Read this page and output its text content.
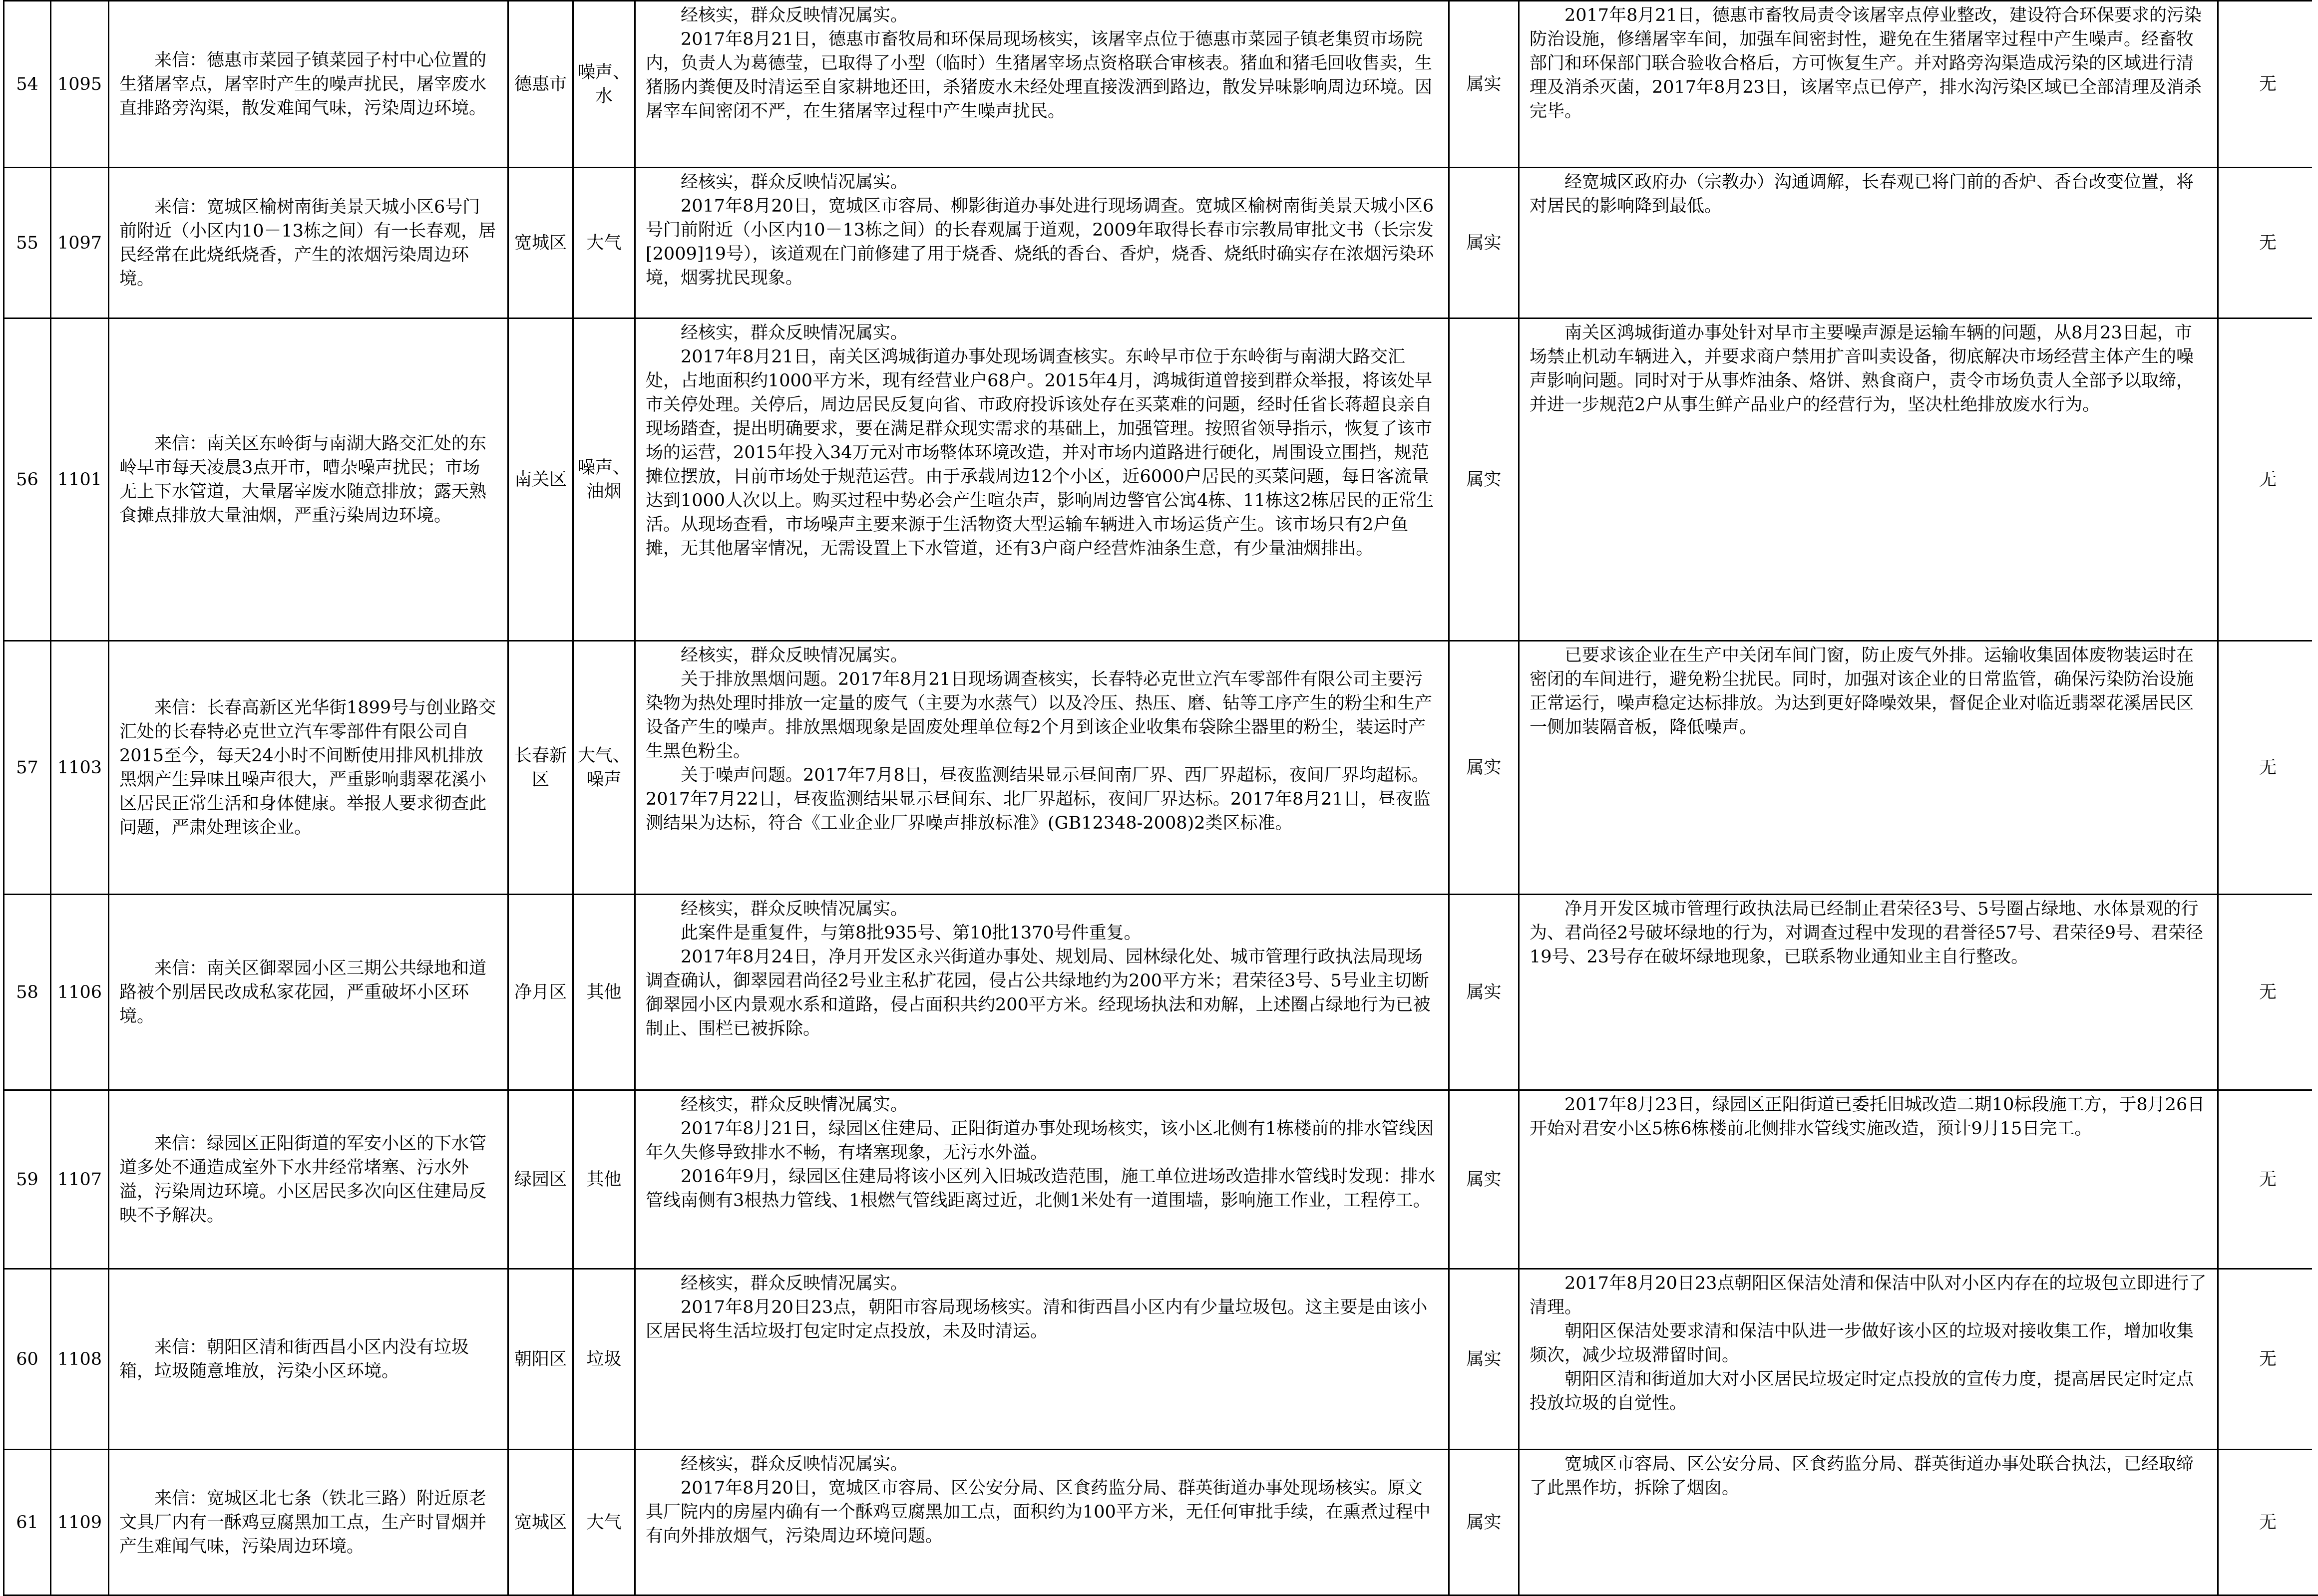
54	1095	来信：德惠市菜园子镇菜园子村中心位置的生猪屠宰点，屠宰时产生的噪声扰民，屠宰废水直排路旁沟渠，散发难闻气味，污染周边环境。	德惠市	噪声、水	经核实，群众反映情况属实。
2017年8月21日，德惠市畜牧局和环保局现场核实，该屠宰点位于德惠市菜园子镇老集贸市场院内，负责人为葛德莹，已取得了小型（临时）生猪屠宰场点资格联合审核表。猪血和猪毛回收售卖，生猪肠内粪便及时清运至自家耕地还田，杀猪废水未经处理直接泼洒到路边，散发异味影响周边环境。因屠宰车间密闭不严，在生猪屠宰过程中产生噪声扰民。	属实	2017年8月21日，德惠市畜牧局责令该屠宰点停业整改，建设符合环保要求的污染防治设施，修缮屠宰车间，加强车间密封性，避免在生猪屠宰过程中产生噪声。经畜牧部门和环保部门联合验收合格后，方可恢复生产。并对路旁沟渠造成污染的区域进行清理及消杀灭菌，2017年8月23日，该屠宰点已停产，排水沟污染区域已全部清理及消杀完毕。	无	
55	1097	来信：宽城区榆树南街美景天城小区6号门前附近（小区内10－13栋之间）有一长春观，居民经常在此烧纸烧香，产生的浓烟污染周边环境。	宽城区	大气	经核实，群众反映情况属实。
2017年8月20日，宽城区市容局、柳影街道办事处进行现场调查。宽城区榆树南街美景天城小区6号门前附近（小区内10－13栋之间）的长春观属于道观，2009年取得长春市宗教局审批文书（长宗发[2009]19号），该道观在门前修建了用于烧香、烧纸的香台、香炉，烧香、烧纸时确实存在浓烟污染环境，烟雾扰民现象。	属实	经宽城区政府办（宗教办）沟通调解，长春观已将门前的香炉、香台改变位置，将对居民的影响降到最低。	无	
56	1101	来信：南关区东岭街与南湖大路交汇处的东岭早市每天凌晨3点开市，嘈杂噪声扰民；市场无上下水管道，大量屠宰废水随意排放；露天熟食摊点排放大量油烟，严重污染周边环境。	南关区	噪声、油烟	经核实，群众反映情况属实。
2017年8月21日，南关区鸿城街道办事处现场调查核实。东岭早市位于东岭街与南湖大路交汇处，占地面积约1000平方米，现有经营业户68户。2015年4月，鸿城街道曾接到群众举报，将该处早市关停处理。关停后，周边居民反复向省、市政府投诉该处存在买菜难的问题，经时任省长蒋超良亲自现场踏查，提出明确要求，要在满足群众现实需求的基础上，加强管理。按照省领导指示，恢复了该市场的运营，2015年投入34万元对市场整体环境改造，并对市场内道路进行硬化，周围设立围挡，规范摊位摆放，目前市场处于规范运营。由于承载周边12个小区，近6000户居民的买菜问题，每日客流量达到1000人次以上。购买过程中势必会产生喧杂声，影响周边警官公寓4栋、11栋这2栋居民的正常生活。从现场查看，市场噪声主要来源于生活物资大型运输车辆进入市场运货产生。该市场只有2户鱼摊，无其他屠宰情况，无需设置上下水管道，还有3户商户经营炸油条生意，有少量油烟排出。	属实	南关区鸿城街道办事处针对早市主要噪声源是运输车辆的问题，从8月23日起，市场禁止机动车辆进入，并要求商户禁用扩音叫卖设备，彻底解决市场经营主体产生的噪声影响问题。同时对于从事炸油条、烙饼、熟食商户，责令市场负责人全部予以取缔，并进一步规范2户从事生鲜产品业户的经营行为，坚决杜绝排放废水行为。	无	
57	1103	来信：长春高新区光华街1899号与创业路交汇处的长春特必克世立汽车零部件有限公司自2015至今，每天24小时不间断使用排风机排放黑烟产生异味且噪声很大，严重影响翡翠花溪小区居民正常生活和身体健康。举报人要求彻查此问题，严肃处理该企业。	长春新区	大气、噪声	经核实，群众反映情况属实。
关于排放黑烟问题。2017年8月21日现场调查核实，长春特必克世立汽车零部件有限公司主要污染物为热处理时排放一定量的废气（主要为水蒸气）以及冷压、热压、磨、钻等工序产生的粉尘和生产设备产生的噪声。排放黑烟现象是固废处理单位每2个月到该企业收集布袋除尘器里的粉尘，装运时产生黑色粉尘。
关于噪声问题。2017年7月8日，昼夜监测结果显示昼间南厂界、西厂界超标，夜间厂界均超标。2017年7月22日，昼夜监测结果显示昼间东、北厂界超标，夜间厂界达标。2017年8月21日，昼夜监测结果为达标，符合《工业企业厂界噪声排放标准》(GB12348-2008)2类区标准。	属实	已要求该企业在生产中关闭车间门窗，防止废气外排。运输收集固体废物装运时在密闭的车间进行，避免粉尘扰民。同时，加强对该企业的日常监管，确保污染防治设施正常运行，噪声稳定达标排放。为达到更好降噪效果，督促企业对临近翡翠花溪居民区一侧加装隔音板，降低噪声。	无	
58	1106	来信：南关区御翠园小区三期公共绿地和道路被个别居民改成私家花园，严重破坏小区环境。	净月区	其他	经核实，群众反映情况属实。
此案件是重复件，与第8批935号、第10批1370号件重复。
2017年8月24日，净月开发区永兴街道办事处、规划局、园林绿化处、城市管理行政执法局现场调查确认，御翠园君尚径2号业主私扩花园，侵占公共绿地约为200平方米；君荣径3号、5号业主切断御翠园小区内景观水系和道路，侵占面积共约200平方米。经现场执法和劝解，上述圈占绿地行为已被制止、围栏已被拆除。	属实	净月开发区城市管理行政执法局已经制止君荣径3号、5号圈占绿地、水体景观的行为、君尚径2号破坏绿地的行为，对调查过程中发现的君誉径57号、君荣径9号、君荣径19号、23号存在破坏绿地现象，已联系物业通知业主自行整改。	无	
59	1107	来信：绿园区正阳街道的军安小区的下水管道多处不通造成室外下水井经常堵塞、污水外溢，污染周边环境。小区居民多次向区住建局反映不予解决。	绿园区	其他	经核实，群众反映情况属实。
2017年8月21日，绿园区住建局、正阳街道办事处现场核实，该小区北侧有1栋楼前的排水管线因年久失修导致排水不畅，有堵塞现象，无污水外溢。
2016年9月，绿园区住建局将该小区列入旧城改造范围，施工单位进场改造排水管线时发现：排水管线南侧有3根热力管线、1根燃气管线距离过近，北侧1米处有一道围墙，影响施工作业，工程停工。	属实	2017年8月23日，绿园区正阳街道已委托旧城改造二期10标段施工方，于8月26日开始对君安小区5栋6栋楼前北侧排水管线实施改造，预计9月15日完工。	无	
60	1108	来信：朝阳区清和街西昌小区内没有垃圾箱，垃圾随意堆放，污染小区环境。	朝阳区	垃圾	经核实，群众反映情况属实。
2017年8月20日23点，朝阳市容局现场核实。清和街西昌小区内有少量垃圾包。这主要是由该小区居民将生活垃圾打包定时定点投放，未及时清运。	属实	2017年8月20日23点朝阳区保洁处清和保洁中队对小区内存在的垃圾包立即进行了清理。
朝阳区保洁处要求清和保洁中队进一步做好该小区的垃圾对接收集工作，增加收集频次，减少垃圾滞留时间。
朝阳区清和街道加大对小区居民垃圾定时定点投放的宣传力度，提高居民定时定点投放垃圾的自觉性。	无	
61	1109	来信：宽城区北七条（铁北三路）附近原老文具厂内有一酥鸡豆腐黑加工点，生产时冒烟并产生难闻气味，污染周边环境。	宽城区	大气	经核实，群众反映情况属实。
2017年8月20日，宽城区市容局、区公安分局、区食药监分局、群英街道办事处现场核实。原文具厂院内的房屋内确有一个酥鸡豆腐黑加工点，面积约为100平方米，无任何审批手续，在熏煮过程中有向外排放烟气，污染周边环境问题。	属实	宽城区市容局、区公安分局、区食药监分局、群英街道办事处联合执法，已经取缔了此黑作坊，拆除了烟囱。	无	
